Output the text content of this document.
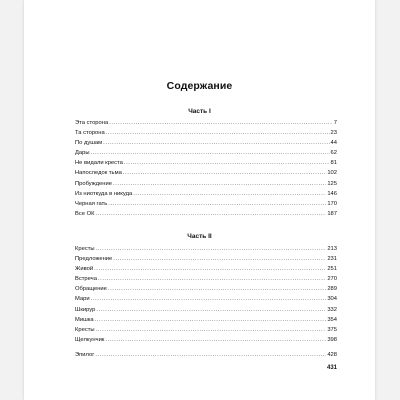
Содержание
Часть I
Эта сторона .....	7
Та сторона .....	23
По душам .....	44
Дары .....	62
Не видали креста .....	81
Напоследок тьма .....	102
Пробуждение .....	125
Из ниоткуда в никуда .....	146
Черная гать .....	170
Все ОК .....	187
Часть II
Кресты .....	213
Предложение .....	231
Живой .....	251
Встреча .....	270
Обращение .....	289
Мари .....	304
Шкирур .....	332
Мишка .....	354
Кресты .....	375
Щелкунчик .....	398
Эпилог .....	428
431
